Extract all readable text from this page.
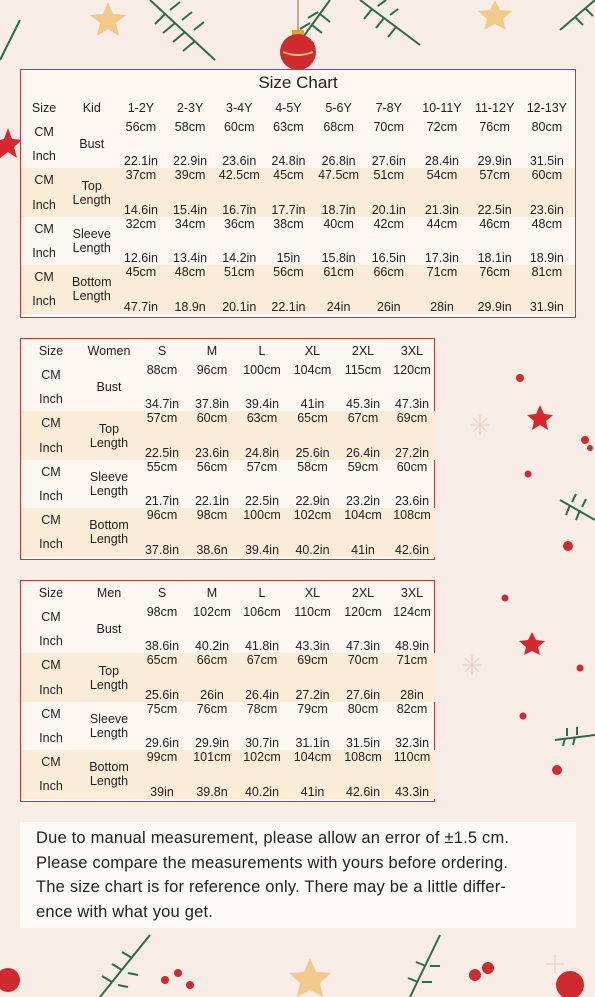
Size Chart
Size	Kid	1-2Y	2-3Y	3-4Y	4-5Y	5-6Y	7-8Y	10-11Y	11-12Y	12-13Y
CM	Bust	56cm	58cm	60cm	63cm	68cm	70cm	72cm	76cm	80cm
Inch		22.1in	22.9in	23.6in	24.8in	26.8in	27.6in	28.4in	29.9in	31.5in
CM	Top Length	37cm	39cm	42.5cm	45cm	47.5cm	51cm	54cm	57cm	60cm
Inch		14.6in	15.4in	16.7in	17.7in	18.7in	20.1in	21.3in	22.5in	23.6in
CM	Sleeve Length	32cm	34cm	36cm	38cm	40cm	42cm	44cm	46cm	48cm
Inch		12.6in	13.4in	14.2in	15in	15.8in	16.5in	17.3in	18.1in	18.9in
CM	Bottom Length	45cm	48cm	51cm	56cm	61cm	66cm	71cm	76cm	81cm
Inch		47.7in	18.9n	20.1in	22.1in	24in	26in	28in	29.9in	31.9in
Size	Women	S	M	L	XL	2XL	3XL
CM	Bust	88cm	96cm	100cm	104cm	115cm	120cm
Inch		34.7in	37.8in	39.4in	41in	45.3in	47.3in
CM	Top Length	57cm	60cm	63cm	65cm	67cm	69cm
Inch		22.5in	23.6in	24.8in	25.6in	26.4in	27.2in
CM	Sleeve Length	55cm	56cm	57cm	58cm	59cm	60cm
Inch		21.7in	22.1in	22.5in	22.9in	23.2in	23.6in
CM	Bottom Length	96cm	98cm	100cm	102cm	104cm	108cm
Inch		37.8in	38.6n	39.4in	40.2in	41in	42.6in
Size	Men	S	M	L	XL	2XL	3XL
CM	Bust	98cm	102cm	106cm	110cm	120cm	124cm
Inch		38.6in	40.2in	41.8in	43.3in	47.3in	48.9in
CM	Top Length	65cm	66cm	67cm	69cm	70cm	71cm
Inch		25.6in	26in	26.4in	27.2in	27.6in	28in
CM	Sleeve Length	75cm	76cm	78cm	79cm	80cm	82cm
Inch		29.6in	29.9in	30.7in	31.1in	31.5in	32.3in
CM	Bottom Length	99cm	101cm	102cm	104cm	108cm	110cm
Inch		39in	39.8n	40.2in	41in	42.6in	43.3in
Due to manual measurement, please allow an error of ±1.5 cm.
Please compare the measurements with yours before ordering.
The size chart is for reference only. There may be a little differ-
ence with what you get.
